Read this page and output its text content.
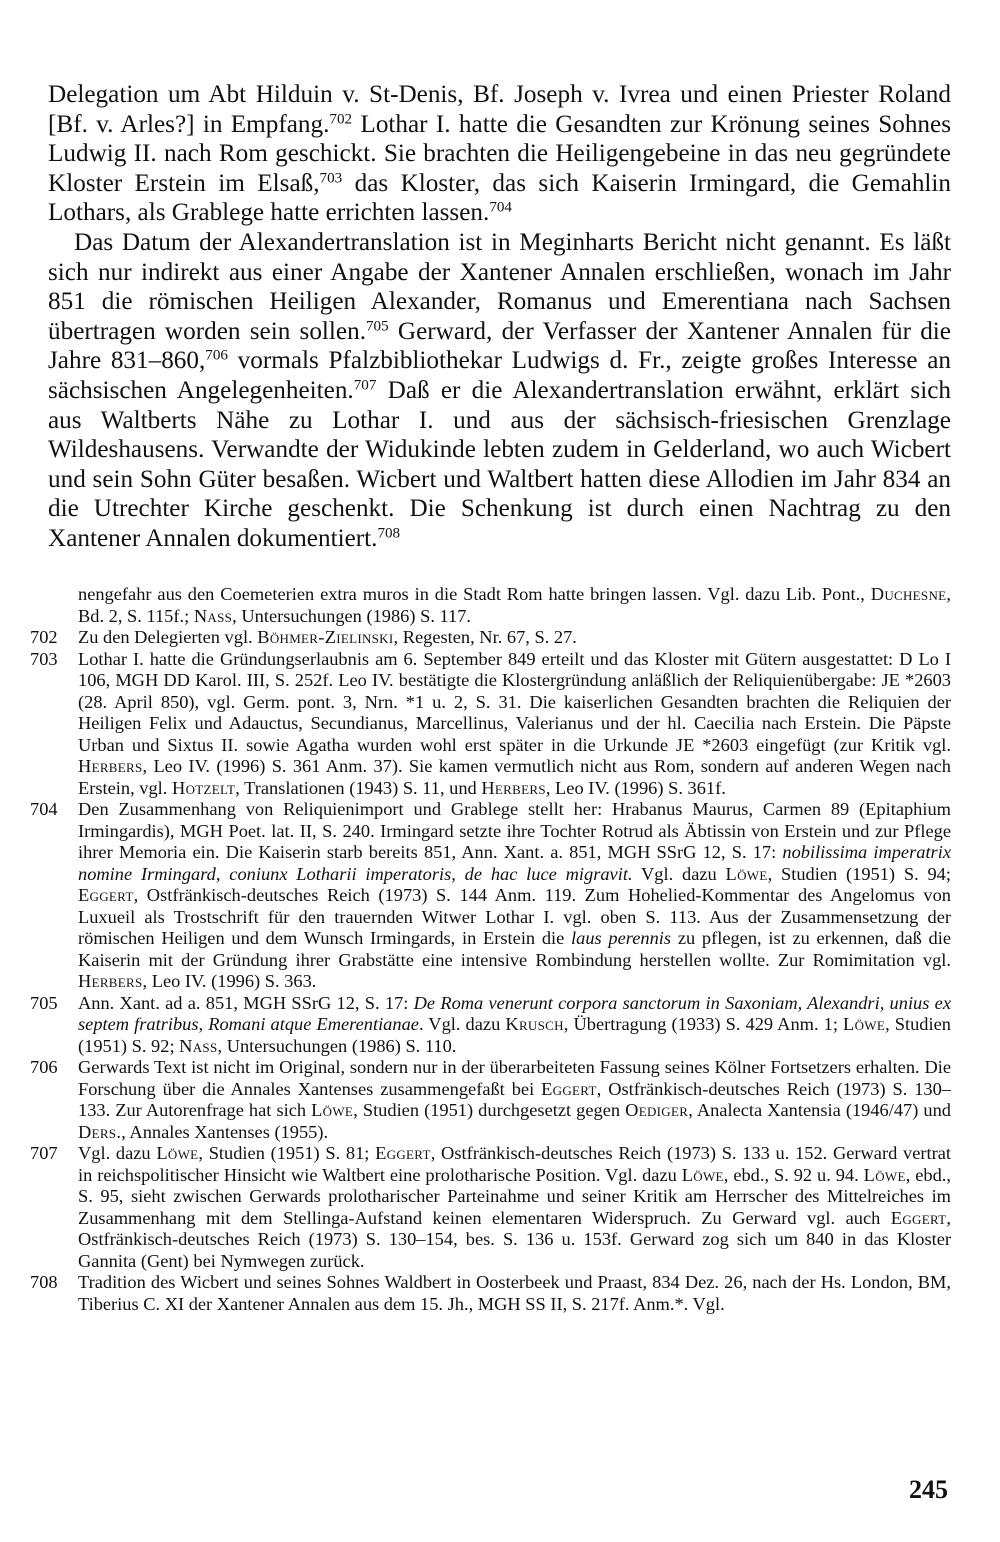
Delegation um Abt Hilduin v. St-Denis, Bf. Joseph v. Ivrea und einen Priester Roland [Bf. v. Arles?] in Empfang.$^{702}$ Lothar I. hatte die Gesandten zur Krönung seines Sohnes Ludwig II. nach Rom geschickt. Sie brachten die Heiligengebeine in das neu gegründete Kloster Erstein im Elsaß,$^{703}$ das Kloster, das sich Kaiserin Irmingard, die Gemahlin Lothars, als Grablege hatte errichten lassen.$^{704}$

Das Datum der Alexandertranslation ist in Meginharts Bericht nicht genannt. Es läßt sich nur indirekt aus einer Angabe der Xantener Annalen erschließen, wonach im Jahr 851 die römischen Heiligen Alexander, Romanus und Emerentiana nach Sachsen übertragen worden sein sollen.$^{705}$ Gerward, der Verfasser der Xantener Annalen für die Jahre 831–860,$^{706}$ vormals Pfalzbibliothekar Ludwigs d. Fr., zeigte großes Interesse an sächsischen Angelegenheiten.$^{707}$ Daß er die Alexandertranslation erwähnt, erklärt sich aus Waltberts Nähe zu Lothar I. und aus der sächsisch-friesischen Grenzlage Wildeshausens. Verwandte der Widukinde lebten zudem in Gelderland, wo auch Wicbert und sein Sohn Güter besaßen. Wicbert und Waltbert hatten diese Allodien im Jahr 834 an die Utrechter Kirche geschenkt. Die Schenkung ist durch einen Nachtrag zu den Xantener Annalen dokumentiert.$^{708}$

nengefahr aus den Coemeterien extra muros in die Stadt Rom hatte bringen lassen. Vgl. dazu Lib. Pont., Duchesne, Bd. 2, S. 115f.; Nass, Untersuchungen (1986) S. 117.

702	Zu den Delegierten vgl. Böhmer-Zielinski, Regesten, Nr. 67, S. 27.

703	Lothar I. hatte die Gründungserlaubnis am 6. September 849 erteilt und das Kloster mit Gütern ausgestattet: D Lo I 106, MGH DD Karol. III, S. 252f. Leo IV. bestätigte die Klostergründung anläßlich der Reliquienübergabe: JE *2603 (28. April 850), vgl. Germ. pont. 3, Nrn. *1 u. 2, S. 31. Die kaiserlichen Gesandten brachten die Reliquien der Heiligen Felix und Adauctus, Secundianus, Marcellinus, Valerianus und der hl. Caecilia nach Erstein. Die Päpste Urban und Sixtus II. sowie Agatha wurden wohl erst später in die Urkunde JE *2603 eingefügt (zur Kritik vgl. Herbers, Leo IV. (1996) S. 361 Anm. 37). Sie kamen vermutlich nicht aus Rom, sondern auf anderen Wegen nach Erstein, vgl. Hotzelt, Translationen (1943) S. 11, und Herbers, Leo IV. (1996) S. 361f.

704	Den Zusammenhang von Reliquienimport und Grablege stellt her: Hrabanus Maurus, Carmen 89 (Epitaphium Irmingardis), MGH Poet. lat. II, S. 240. Irmingard setzte ihre Tochter Rotrud als Äbtissin von Erstein und zur Pflege ihrer Memoria ein. Die Kaiserin starb bereits 851, Ann. Xant. a. 851, MGH SSrG 12, S. 17: nobilissima imperatrix nomine Irmingard, coniunx Lotharii imperatoris, de hac luce migravit. Vgl. dazu Löwe, Studien (1951) S. 94; Eggert, Ostfränkisch-deutsches Reich (1973) S. 144 Anm. 119. Zum Hohelied-Kommentar des Angelomus von Luxueil als Trostschrift für den trauernden Witwer Lothar I. vgl. oben S. 113. Aus der Zusammensetzung der römischen Heiligen und dem Wunsch Irmingards, in Erstein die laus perennis zu pflegen, ist zu erkennen, daß die Kaiserin mit der Gründung ihrer Grabstätte eine intensive Rombindung herstellen wollte. Zur Romimitation vgl. Herbers, Leo IV. (1996) S. 363.

705	Ann. Xant. ad a. 851, MGH SSrG 12, S. 17: De Roma venerunt corpora sanctorum in Saxoniam, Alexandri, unius ex septem fratribus, Romani atque Emerentianae. Vgl. dazu Krusch, Übertragung (1933) S. 429 Anm. 1; Löwe, Studien (1951) S. 92; Nass, Untersuchungen (1986) S. 110.

706	Gerwards Text ist nicht im Original, sondern nur in der überarbeiteten Fassung seines Kölner Fortsetzers erhalten. Die Forschung über die Annales Xantenses zusammengefaßt bei Eggert, Ostfränkisch-deutsches Reich (1973) S. 130–133. Zur Autorenfrage hat sich Löwe, Studien (1951) durchgesetzt gegen Oediger, Analecta Xantensia (1946/47) und Ders., Annales Xantenses (1955).

707	Vgl. dazu Löwe, Studien (1951) S. 81; Eggert, Ostfränkisch-deutsches Reich (1973) S. 133 u. 152. Gerward vertrat in reichspolitischer Hinsicht wie Waltbert eine prolotharische Position. Vgl. dazu Löwe, ebd., S. 92 u. 94. Löwe, ebd., S. 95, sieht zwischen Gerwards prolotharischer Parteinahme und seiner Kritik am Herrscher des Mittelreiches im Zusammenhang mit dem Stellinga-Aufstand keinen elementaren Widerspruch. Zu Gerward vgl. auch Eggert, Ostfränkisch-deutsches Reich (1973) S. 130–154, bes. S. 136 u. 153f. Gerward zog sich um 840 in das Kloster Gannita (Gent) bei Nymwegen zurück.

708	Tradition des Wicbert und seines Sohnes Waldbert in Oosterbeek und Praast, 834 Dez. 26, nach der Hs. London, BM, Tiberius C. XI der Xantener Annalen aus dem 15. Jh., MGH SS II, S. 217f. Anm.*. Vgl.

245
